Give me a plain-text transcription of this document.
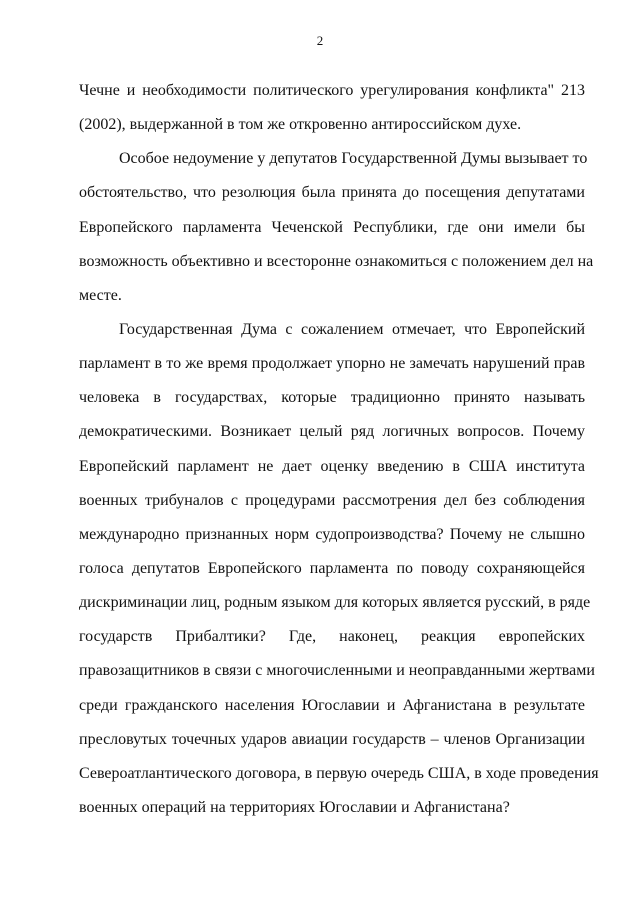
2
Чечне и необходимости политического урегулирования конфликта" 213
(2002), выдержанной в том же откровенно антироссийском духе.
Особое недоумение у депутатов Государственной Думы вызывает то
обстоятельство, что резолюция была принята до посещения депутатами
Европейского парламента Чеченской Республики, где они имели бы
возможность объективно и всесторонне ознакомиться с положением дел на
месте.
Государственная Дума с сожалением отмечает, что Европейский
парламент в то же время продолжает упорно не замечать нарушений прав
человека в государствах, которые традиционно принято называть
демократическими. Возникает целый ряд логичных вопросов. Почему
Европейский парламент не дает оценку введению в США института
военных трибуналов с процедурами рассмотрения дел без соблюдения
международно признанных норм судопроизводства? Почему не слышно
голоса депутатов Европейского парламента по поводу сохраняющейся
дискриминации лиц, родным языком для которых является русский, в ряде
государств Прибалтики? Где, наконец, реакция европейских
правозащитников в связи с многочисленными и неоправданными жертвами
среди гражданского населения Югославии и Афганистана в результате
пресловутых точечных ударов авиации государств – членов Организации
Североатлантического договора, в первую очередь США, в ходе проведения
военных операций на территориях Югославии и Афганистана?
